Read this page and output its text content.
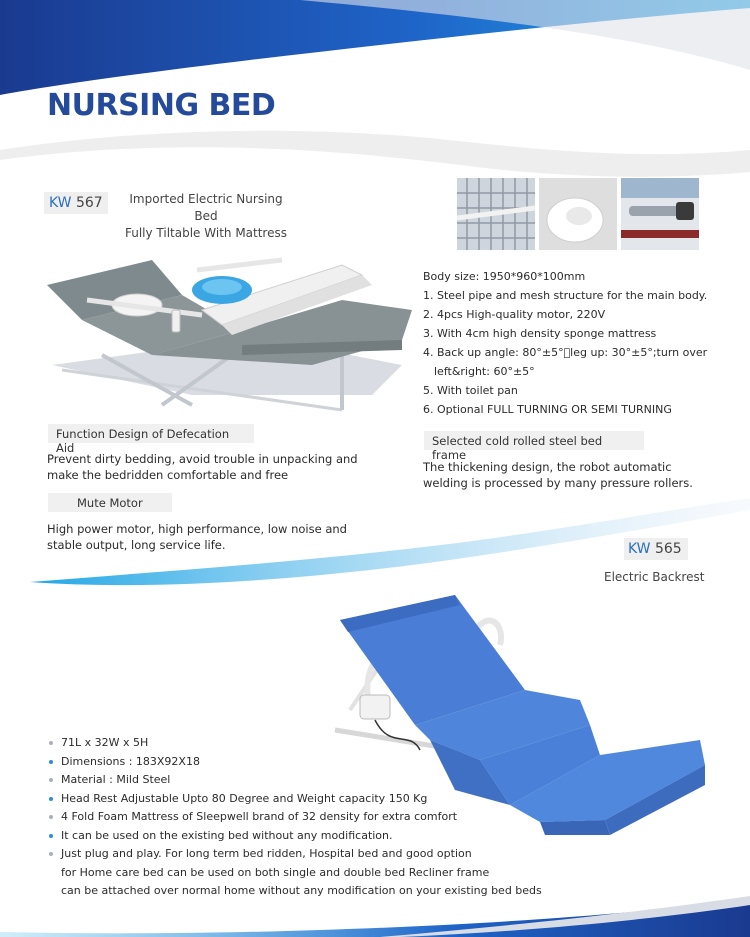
NURSING BED
KW 567	Imported Electric Nursing Bed
Fully Tiltable With Mattress
Body size: 1950*960*100mm
1. Steel pipe and mesh structure for the main body.
2. 4pcs High-quality motor, 220V
3. With 4cm high density sponge mattress
4. Back up angle: 80°±5° leg up: 30°±5°;turn over
left&right: 60°±5°
5. With toilet pan
6. Optional FULL TURNING OR SEMI TURNING
Function Design of Defecation Aid
Prevent dirty bedding, avoid trouble in unpacking and
make the bedridden comfortable and free
Mute Motor
High power motor, high performance, low noise and
stable output, long service life.
Selected cold rolled steel bed frame
The thickening design, the robot automatic
welding is processed by many pressure rollers.
KW 565
Electric Backrest
71L x 32W x 5H
Dimensions : 183X92X18
Material : Mild Steel
Head Rest Adjustable Upto 80 Degree and Weight capacity 150 Kg
4 Fold Foam Mattress of Sleepwell brand of 32 density for extra comfort
It can be used on the existing bed without any modification.
Just plug and play. For long term bed ridden, Hospital bed and good option
for Home care bed can be used on both single and double bed Recliner frame
can be attached over normal home without any modification on your existing bed beds
